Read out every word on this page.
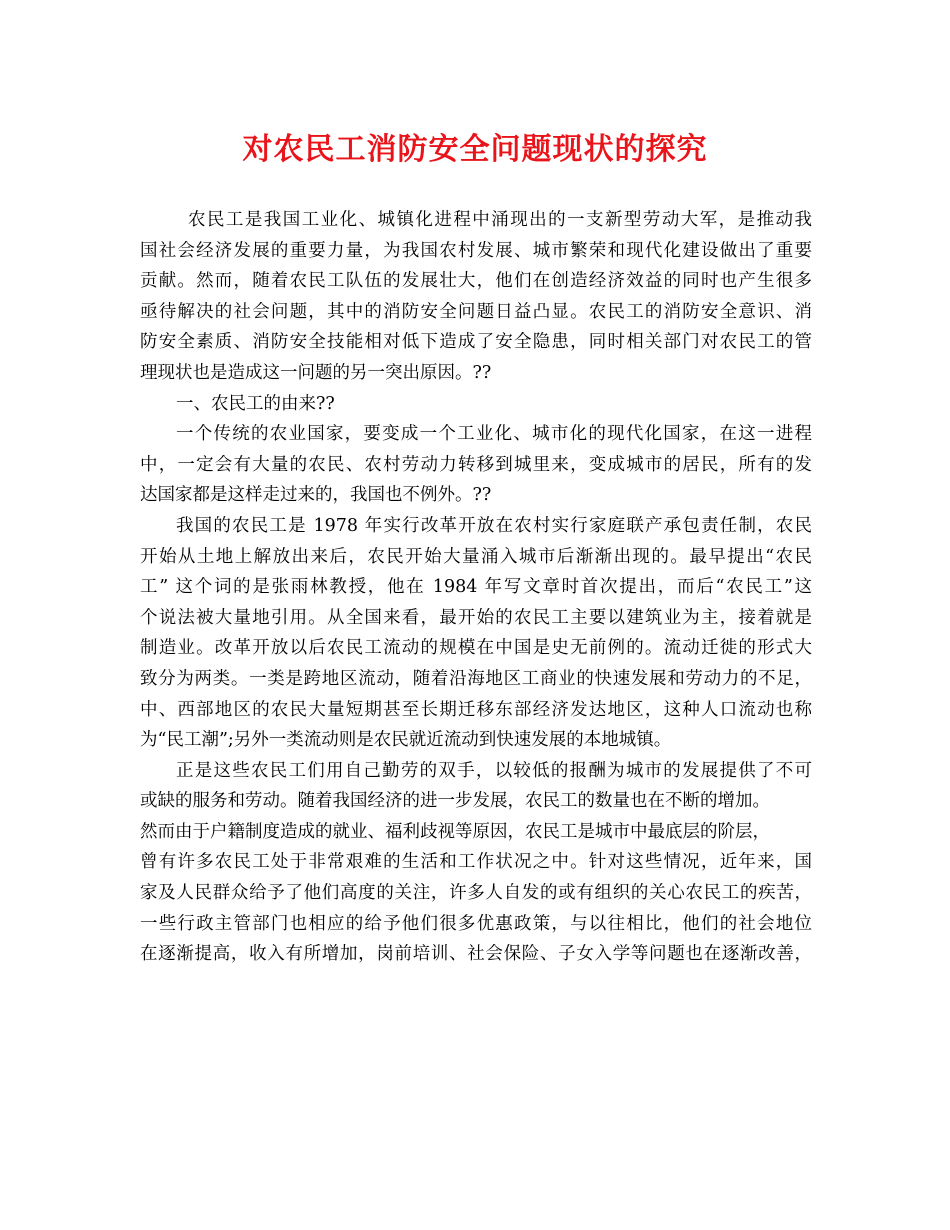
对农民工消防安全问题现状的探究
农民工是我国工业化、城镇化进程中涌现出的一支新型劳动大军，是推动我
国社会经济发展的重要力量，为我国农村发展、城市繁荣和现代化建设做出了重要
贡献。然而，随着农民工队伍的发展壮大，他们在创造经济效益的同时也产生很多
亟待解决的社会问题，其中的消防安全问题日益凸显。农民工的消防安全意识、消
防安全素质、消防安全技能相对低下造成了安全隐患，同时相关部门对农民工的管
理现状也是造成这一问题的另一突出原因。??
一、农民工的由来??
一个传统的农业国家，要变成一个工业化、城市化的现代化国家，在这一进程
中，一定会有大量的农民、农村劳动力转移到城里来，变成城市的居民，所有的发
达国家都是这样走过来的，我国也不例外。??
我国的农民工是 1978 年实行改革开放在农村实行家庭联产承包责任制，农民
开始从土地上解放出来后，农民开始大量涌入城市后渐渐出现的。最早提出“农民
工” 这个词的是张雨林教授，他在 1984 年写文章时首次提出，而后“农民工”这
个说法被大量地引用。从全国来看，最开始的农民工主要以建筑业为主，接着就是
制造业。改革开放以后农民工流动的规模在中国是史无前例的。流动迁徙的形式大
致分为两类。一类是跨地区流动，随着沿海地区工商业的快速发展和劳动力的不足，
中、西部地区的农民大量短期甚至长期迁移东部经济发达地区，这种人口流动也称
为“民工潮”;另外一类流动则是农民就近流动到快速发展的本地城镇。
正是这些农民工们用自己勤劳的双手，以较低的报酬为城市的发展提供了不可
或缺的服务和劳动。随着我国经济的进一步发展，农民工的数量也在不断的增加。
然而由于户籍制度造成的就业、福利歧视等原因，农民工是城市中最底层的阶层，
曾有许多农民工处于非常艰难的生活和工作状况之中。针对这些情况，近年来，国
家及人民群众给予了他们高度的关注，许多人自发的或有组织的关心农民工的疾苦，
一些行政主管部门也相应的给予他们很多优惠政策，与以往相比，他们的社会地位
在逐渐提高，收入有所增加，岗前培训、社会保险、子女入学等问题也在逐渐改善，
